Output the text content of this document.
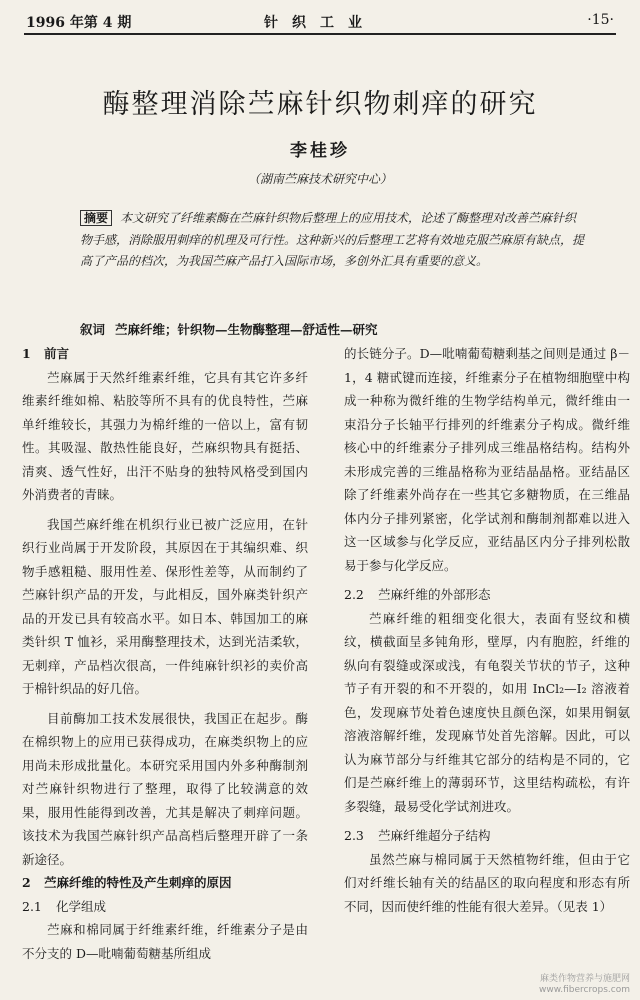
1996 年第 4 期	针织工业	·15·
酶整理消除苎麻针织物刺痒的研究
李桂珍
（湖南苎麻技术研究中心）
摘要 本文研究了纤维素酶在苎麻针织物后整理上的应用技术，论述了酶整理对改善苎麻针织物手感，消除服用刺痒的机理及可行性。这种新兴的后整理工艺将有效地克服苎麻原有缺点，提高了产品的档次，为我国苎麻产品打入国际市场，多创外汇具有重要的意义。
叙词 苎麻纤维；针织物—生物酶整理—舒适性—研究
1 前言

苎麻属于天然纤维素纤维，它具有其它许多纤维素纤维如棉、粘胶等所不具有的优良特性，苎麻单纤维较长，其强力为棉纤维的一倍以上，富有韧性。其吸湿、散热性能良好，苎麻织物具有挺括、清爽、透气性好，出汗不贴身的独特风格受到国内外消费者的青睐。

我国苎麻纤维在机织行业已被广泛应用，在针织行业尚属于开发阶段，其原因在于其编织难、织物手感粗糙、服用性差、保形性差等，从而制约了苎麻针织产品的开发，与此相反，国外麻类针织产品的开发已具有较高水平。如日本、韩国加工的麻类针织 T 恤衫，采用酶整理技术，达到光洁柔软，无刺痒，产品档次很高，一件纯麻针织衫的卖价高于棉针织品的好几倍。

目前酶加工技术发展很快，我国正在起步。酶在棉织物上的应用已获得成功，在麻类织物上的应用尚未形成批量化。本研究采用国内外多种酶制剂对苎麻针织物进行了整理，取得了比较满意的效果，服用性能得到改善，尤其是解决了刺痒问题。该技术为我国苎麻针织产品高档后整理开辟了一条新途径。

2 苎麻纤维的特性及产生刺痒的原因
2.1 化学组成

苎麻和棉同属于纤维素纤维，纤维素分子是由不分支的 D—吡喃葡萄糖基所组成

的长链分子。D—吡喃葡萄糖剩基之间则是通过 β－1，4 糖甙键而连接，纤维素分子在植物细胞壁中构成一种称为微纤维的生物学结构单元，微纤维由一束沿分子长轴平行排列的纤维素分子构成。微纤维核心中的纤维素分子排列成三维晶格结构。结构外未形成完善的三维晶格称为亚结晶晶格。亚结晶区除了纤维素外尚存在一些其它多糖物质，在三维晶体内分子排列紧密，化学试剂和酶制剂都难以进入这一区域参与化学反应，亚结晶区内分子排列松散易于参与化学反应。

2.2 苎麻纤维的外部形态

苎麻纤维的粗细变化很大，表面有竖纹和横纹，横截面呈多钝角形，壁厚，内有胞腔，纤维的纵向有裂缝或深或浅，有龟裂关节状的节子，这种节子有开裂的和不开裂的，如用 InCl₂—I₂ 溶液着色，发现麻节处着色速度快且颜色深，如果用铜氨溶液溶解纤维，发现麻节处首先溶解。因此，可以认为麻节部分与纤维其它部分的结构是不同的，它们是苎麻纤维上的薄弱环节，这里结构疏松，有许多裂缝，最易受化学试剂进攻。

2.3 苎麻纤维超分子结构

虽然苎麻与棉同属于天然植物纤维，但由于它们对纤维长轴有关的结晶区的取向程度和形态有所不同，因而使纤维的性能有很大差异。（见表 1）

麻类作物营养与施肥网
www.fibercrops.com
